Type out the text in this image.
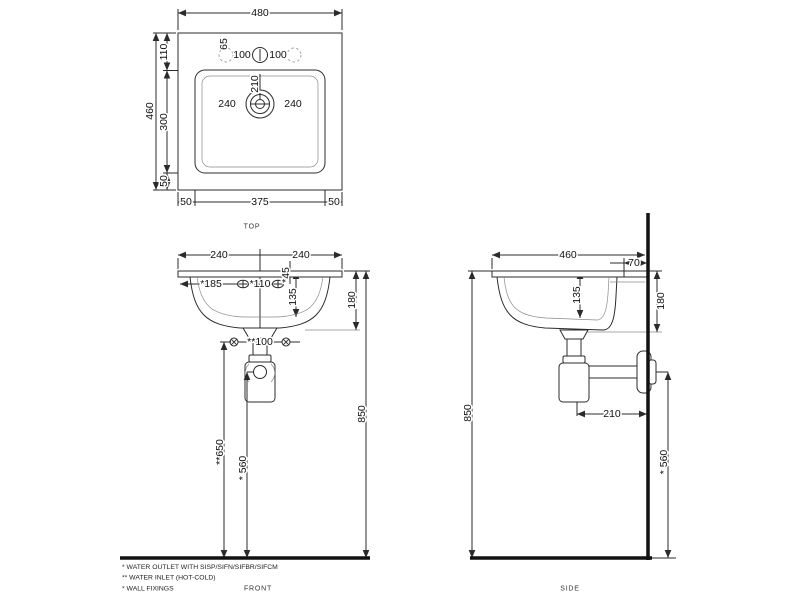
480
460
110
300
50
65
100 100
210
240	240
50	375	50
TOP
240	240
*185	*110
*45
135	180
**100
**650
* 560
850
FRONT
460
70
135	180
210
850
* 560
SIDE
* WATER OUTLET WITH SISP/SIFN/SIFBR/SIFCM
** WATER INLET (HOT-COLD)
* WALL FIXINGS
